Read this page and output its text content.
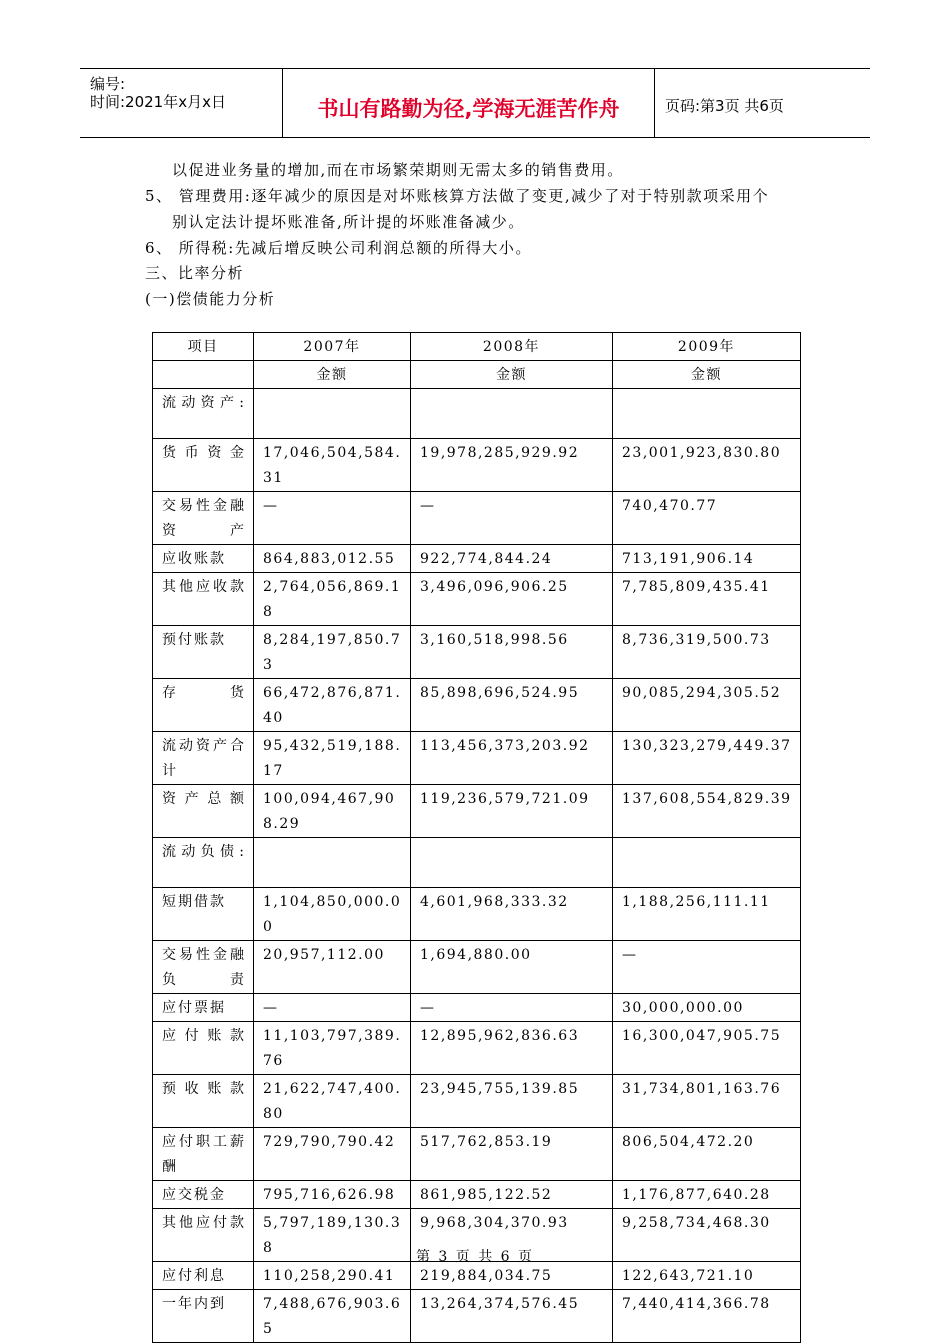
编号:
时间:2021年x月x日	书山有路勤为径,学海无涯苦作舟	页码:第3页 共6页
以促进业务量的增加,而在市场繁荣期则无需太多的销售费用。
5、 管理费用:逐年减少的原因是对坏账核算方法做了变更,减少了对于特别款项采用个
别认定法计提坏账准备,所计提的坏账准备减少。
6、 所得税:先减后增反映公司利润总额的所得大小。
三、比率分析
(一)偿债能力分析
项目	2007年	2008年	2009年
	金额	金额	金额
流动资产:			
货币资金	17,046,504,584.31	19,978,285,929.92	23,001,923,830.80
交易性金融资产	—	—	740,470.77
应收账款	864,883,012.55	922,774,844.24	713,191,906.14
其他应收款	2,764,056,869.18	3,496,096,906.25	7,785,809,435.41
预付账款	8,284,197,850.73	3,160,518,998.56	8,736,319,500.73
存货	66,472,876,871.40	85,898,696,524.95	90,085,294,305.52
流动资产合计	95,432,519,188.17	113,456,373,203.92	130,323,279,449.37
资产总额	100,094,467,908.29	119,236,579,721.09	137,608,554,829.39
流动负债:			
短期借款	1,104,850,000.00	4,601,968,333.32	1,188,256,111.11
交易性金融负责	20,957,112.00	1,694,880.00	—
应付票据	—	—	30,000,000.00
应付账款	11,103,797,389.76	12,895,962,836.63	16,300,047,905.75
预收账款	21,622,747,400.80	23,945,755,139.85	31,734,801,163.76
应付职工薪酬	729,790,790.42	517,762,853.19	806,504,472.20
应交税金	795,716,626.98	861,985,122.52	1,176,877,640.28
其他应付款	5,797,189,130.38	9,968,304,370.93	9,258,734,468.30
应付利息	110,258,290.41	219,884,034.75	122,643,721.10
一年内到	7,488,676,903.65	13,264,374,576.45	7,440,414,366.78
第 3 页 共 6 页
